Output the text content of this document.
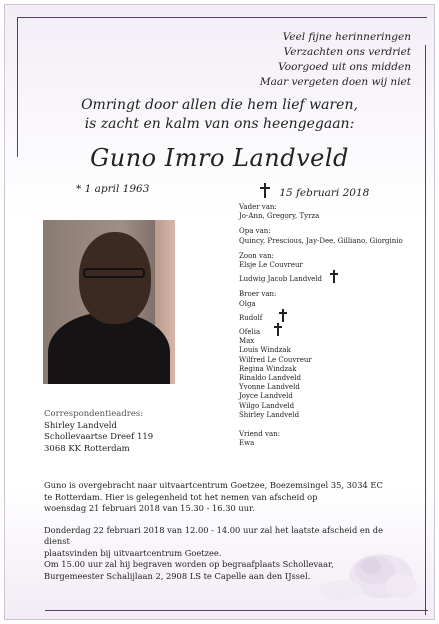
Veel fijne herinneringen
Verzachten ons verdriet
Voorgoed uit ons midden
Maar vergeten doen wij niet
Omringt door allen die hem lief waren,
is zacht en kalm van ons heengegaan:
Guno Imro Landveld
* 1 april 1963	15 februari 2018
Vader van:
Jo-Ann, Gregory, Tyrza
Opa van:
Quincy, Prescious, Jay-Dee, Gilliano, Giorginio
Zoon van:
Elsje Le Couvreur
Ludwig Jacob Landveld
Broer van:
Olga
Rudolf
Ofelia
Max
Louis Windzak
Wilfred Le Couvreur
Regina Windzak
Rinaldo Landveld
Yvonne Landveld
Joyce Landveld
Wilgo Landveld
Shirley Landveld
Vriend van:
Ewa
Correspondentieadres:
Shirley Landveld
Schollevaartse Dreef 119
3068 KK Rotterdam

Guno is overgebracht naar uitvaartcentrum Goetzee, Boezemsingel 35, 3034 EC
te Rotterdam. Hier is gelegenheid tot het nemen van afscheid op
woensdag 21 februari 2018 van 15.30 - 16.30 uur.

Donderdag 22 februari 2018 van 12.00 - 14.00 uur zal het laatste afscheid en de dienst
plaatsvinden bij uitvaartcentrum Goetzee.
Om 15.00 uur zal hij begraven worden op begraafplaats Schollevaar,
Burgemeester Schalijlaan 2, 2908 LS te Capelle aan den IJssel.
